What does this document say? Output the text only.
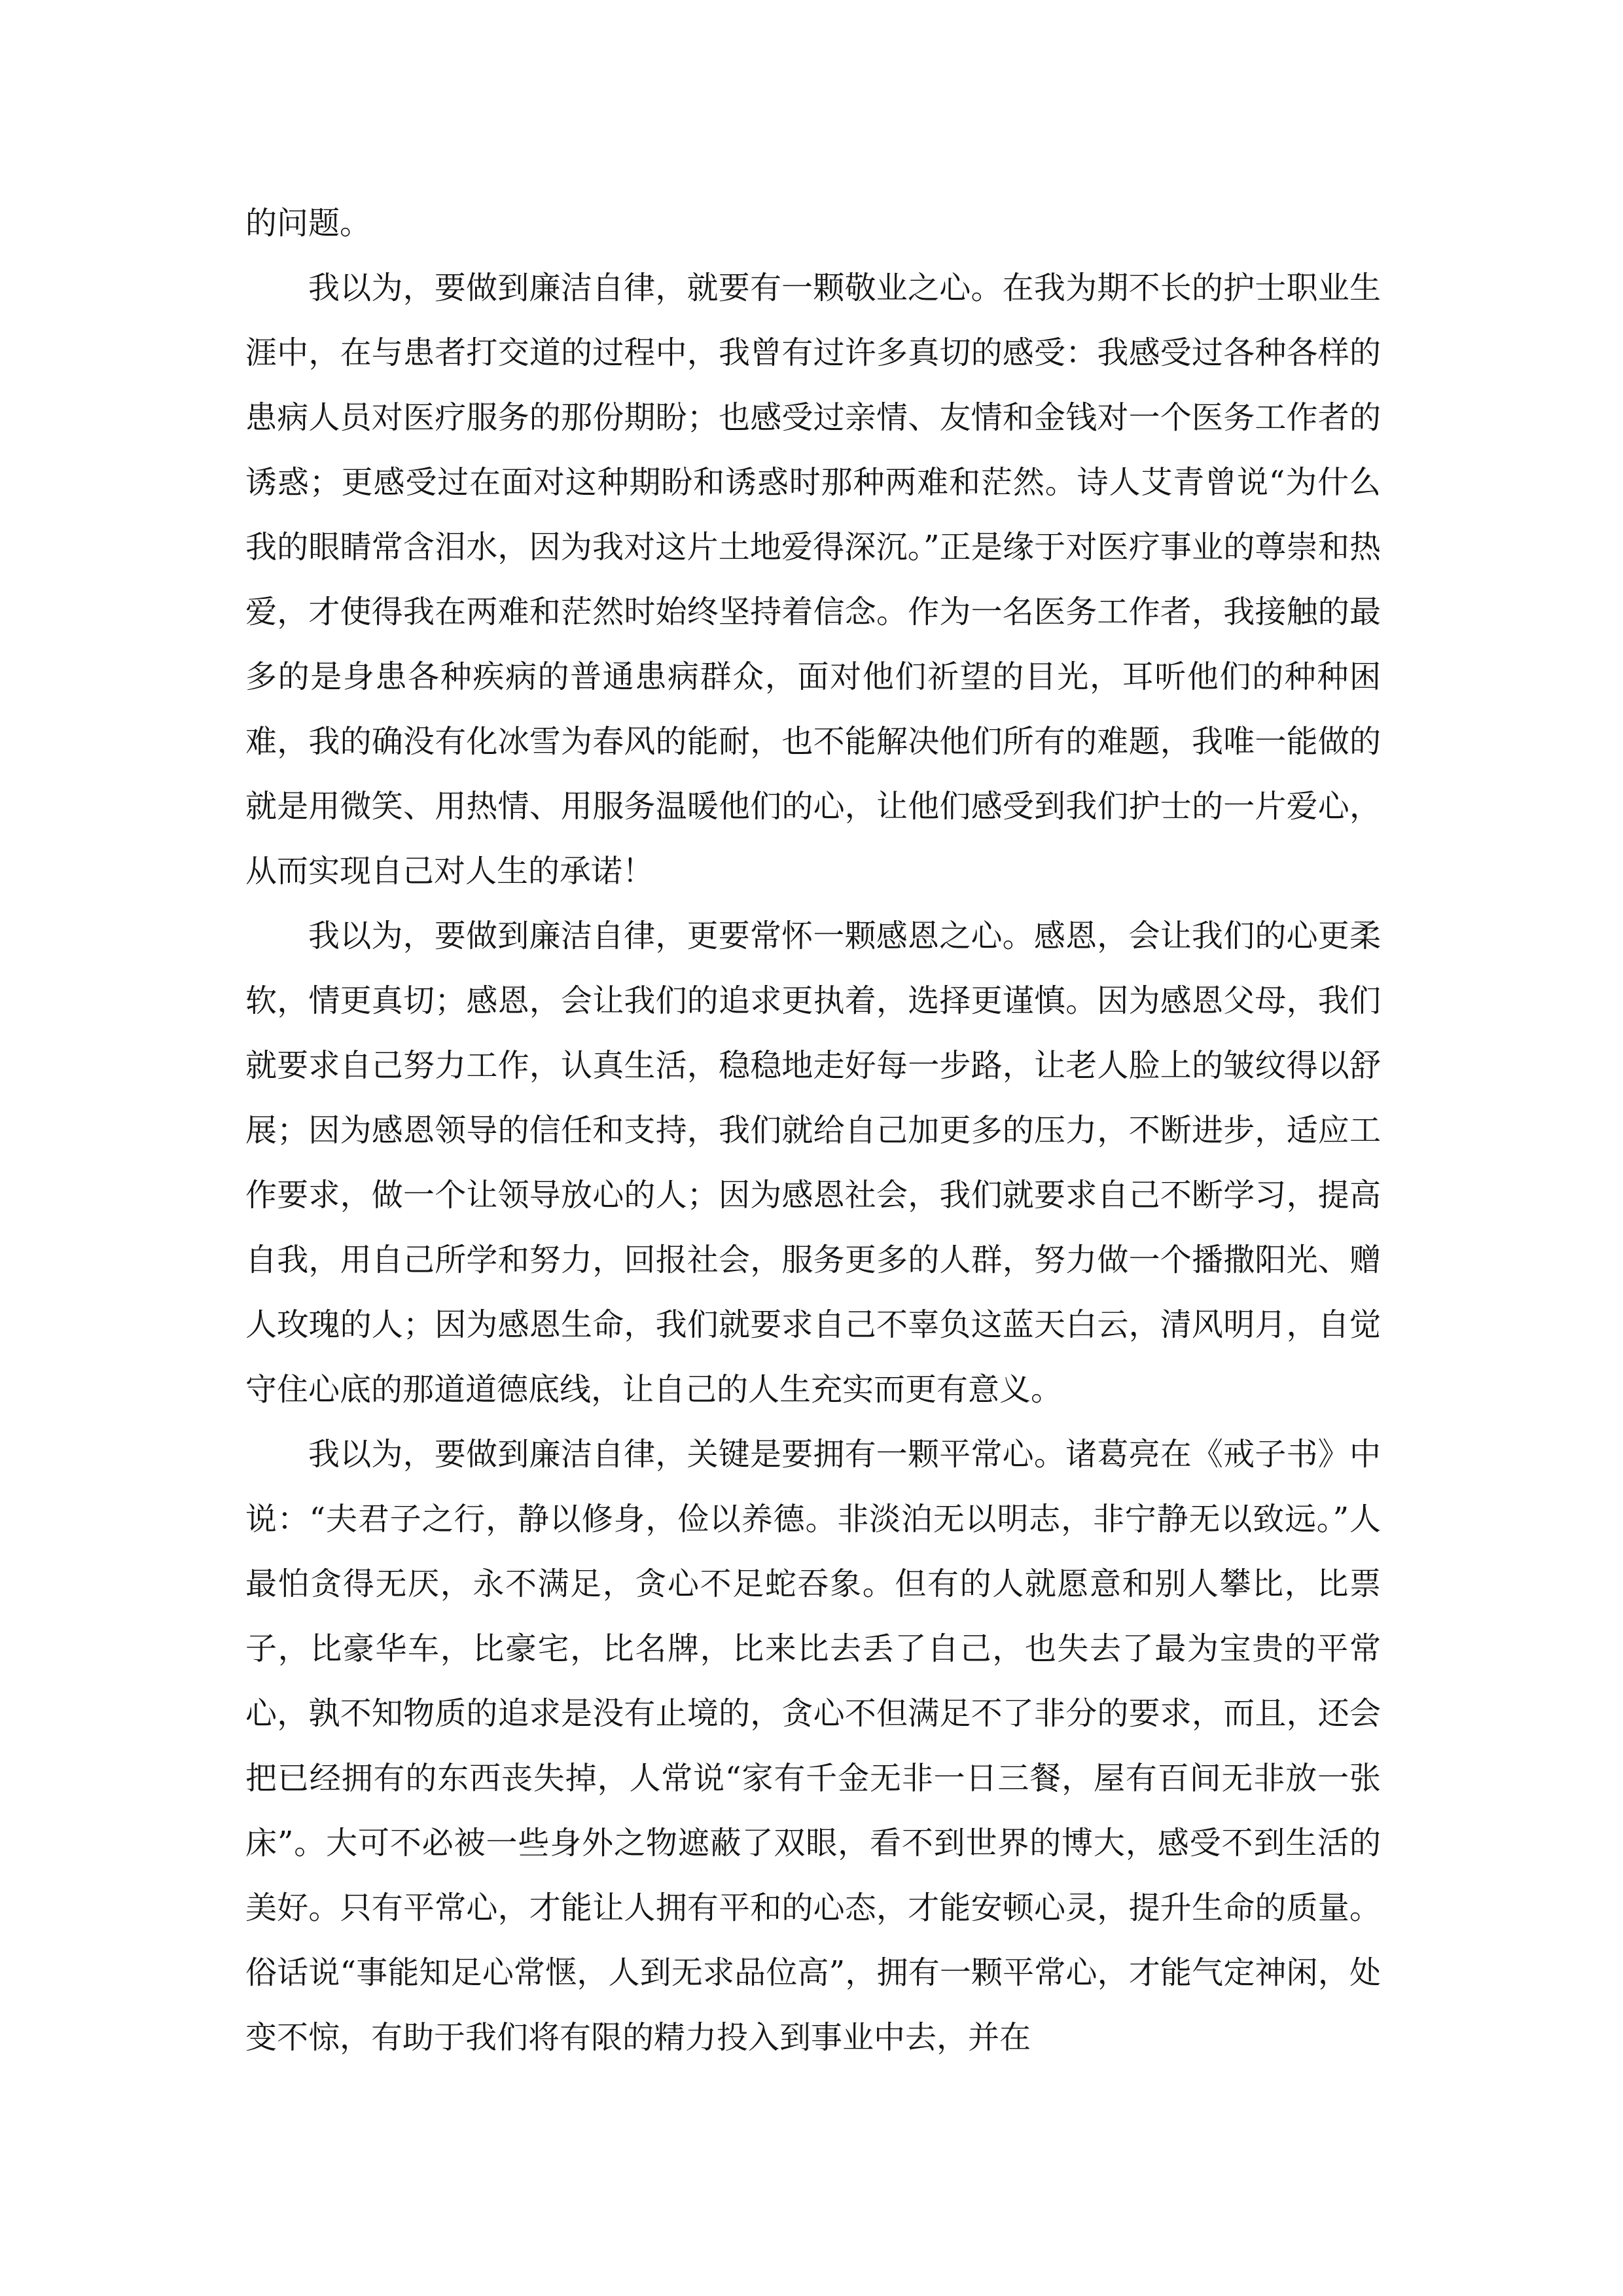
的问题。

我以为，要做到廉洁自律，就要有一颗敬业之心。在我为期不长的护士职业生涯中，在与患者打交道的过程中，我曾有过许多真切的感受：我感受过各种各样的患病人员对医疗服务的那份期盼；也感受过亲情、友情和金钱对一个医务工作者的诱惑；更感受过在面对这种期盼和诱惑时那种两难和茫然。诗人艾青曾说“为什么我的眼睛常含泪水，因为我对这片土地爱得深沉。”正是缘于对医疗事业的尊崇和热爱，才使得我在两难和茫然时始终坚持着信念。作为一名医务工作者，我接触的最多的是身患各种疾病的普通患病群众，面对他们祈望的目光，耳听他们的种种困难，我的确没有化冰雪为春风的能耐，也不能解决他们所有的难题，我唯一能做的就是用微笑、用热情、用服务温暖他们的心，让他们感受到我们护士的一片爱心，从而实现自己对人生的承诺！

我以为，要做到廉洁自律，更要常怀一颗感恩之心。感恩，会让我们的心更柔软，情更真切；感恩，会让我们的追求更执着，选择更谨慎。因为感恩父母，我们就要求自己努力工作，认真生活，稳稳地走好每一步路，让老人脸上的皱纹得以舒展；因为感恩领导的信任和支持，我们就给自己加更多的压力，不断进步，适应工作要求，做一个让领导放心的人；因为感恩社会，我们就要求自己不断学习，提高自我，用自己所学和努力，回报社会，服务更多的人群，努力做一个播撒阳光、赠人玫瑰的人；因为感恩生命，我们就要求自己不辜负这蓝天白云，清风明月，自觉守住心底的那道道德底线，让自己的人生充实而更有意义。

我以为，要做到廉洁自律，关键是要拥有一颗平常心。诸葛亮在《戒子书》中说：“夫君子之行，静以修身，俭以养德。非淡泊无以明志，非宁静无以致远。”人最怕贪得无厌，永不满足，贪心不足蛇吞象。但有的人就愿意和别人攀比，比票子，比豪华车，比豪宅，比名牌，比来比去丢了自己，也失去了最为宝贵的平常心，孰不知物质的追求是没有止境的，贪心不但满足不了非分的要求，而且，还会把已经拥有的东西丧失掉，人常说“家有千金无非一日三餐，屋有百间无非放一张床”。大可不必被一些身外之物遮蔽了双眼，看不到世界的博大，感受不到生活的美好。只有平常心，才能让人拥有平和的心态，才能安顿心灵，提升生命的质量。俗话说“事能知足心常惬，人到无求品位高”，拥有一颗平常心，才能气定神闲，处变不惊，有助于我们将有限的精力投入到事业中去，并在
